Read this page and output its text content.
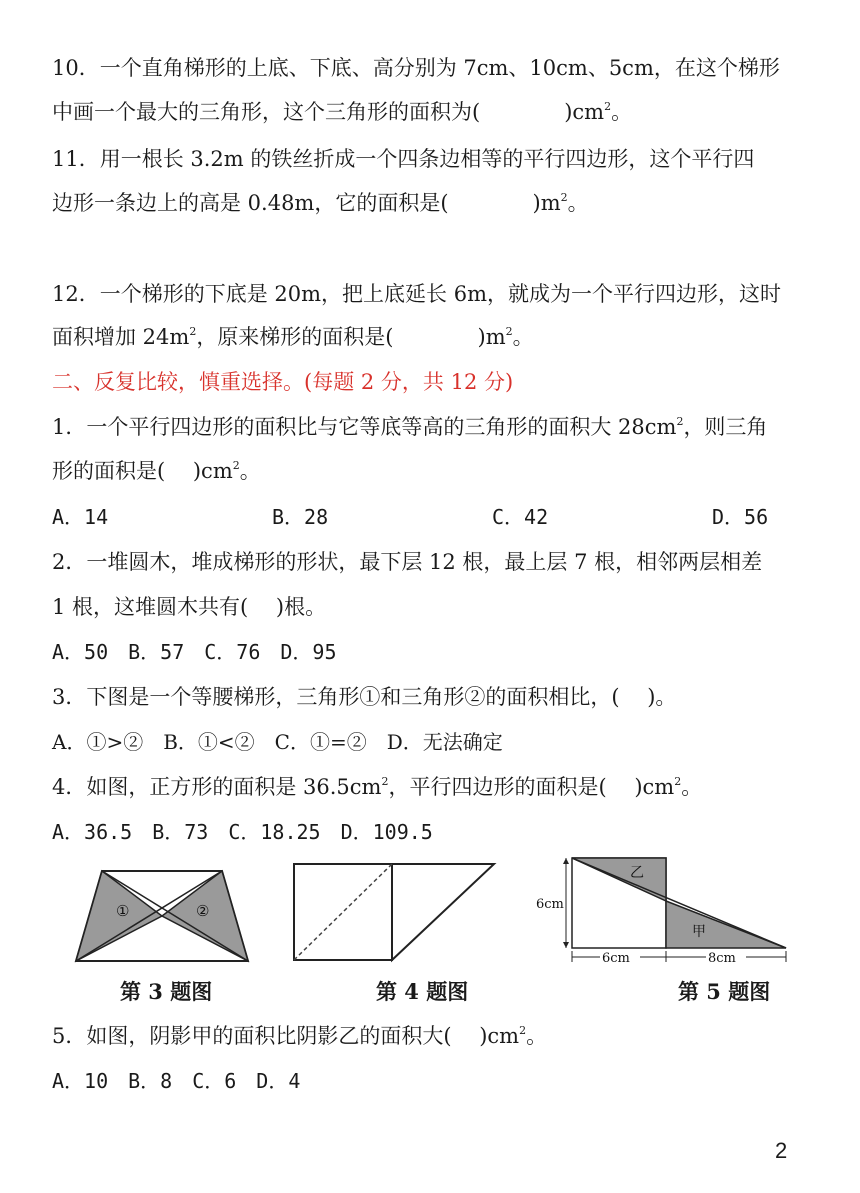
10．一个直角梯形的上底、下底、高分别为 7cm、10cm、5cm，在这个梯形
中画一个最大的三角形，这个三角形的面积为(　　　　)$cm^2$。
11．用一根长 3.2m 的铁丝折成一个四条边相等的平行四边形，这个平行四
边形一条边上的高是 0.48m，它的面积是(　　　　)$m^2$。
12．一个梯形的下底是 20m，把上底延长 6m，就成为一个平行四边形，这时
面积增加 $24m^2$，原来梯形的面积是(　　　　)$m^2$。
二、反复比较，慎重选择。(每题 2 分，共 12 分)
1．一个平行四边形的面积比与它等底等高的三角形的面积大 $28cm^2$，则三角
形的面积是(　 )$cm^2$。
A．14	B．28	C．42	D．56
2．一堆圆木，堆成梯形的形状，最下层 12 根，最上层 7 根，相邻两层相差
1 根，这堆圆木共有(　 )根。
A．50　B．57　C．76　D．95
3．下图是一个等腰梯形，三角形①和三角形②的面积相比，(　 )。
A．①>②　B．①<②　C．①=②　D．无法确定
4．如图，正方形的面积是 $36.5cm^2$，平行四边形的面积是(　 )$cm^2$。
A．36.5　B．73　C．18.25　D．109.5
①	②
第 3 题图	第 4 题图
乙
甲
6cm
6cm	8cm
第 5 题图
5．如图，阴影甲的面积比阴影乙的面积大(　 )$cm^2$。
A．10　B．8　C．6　D．4
2
